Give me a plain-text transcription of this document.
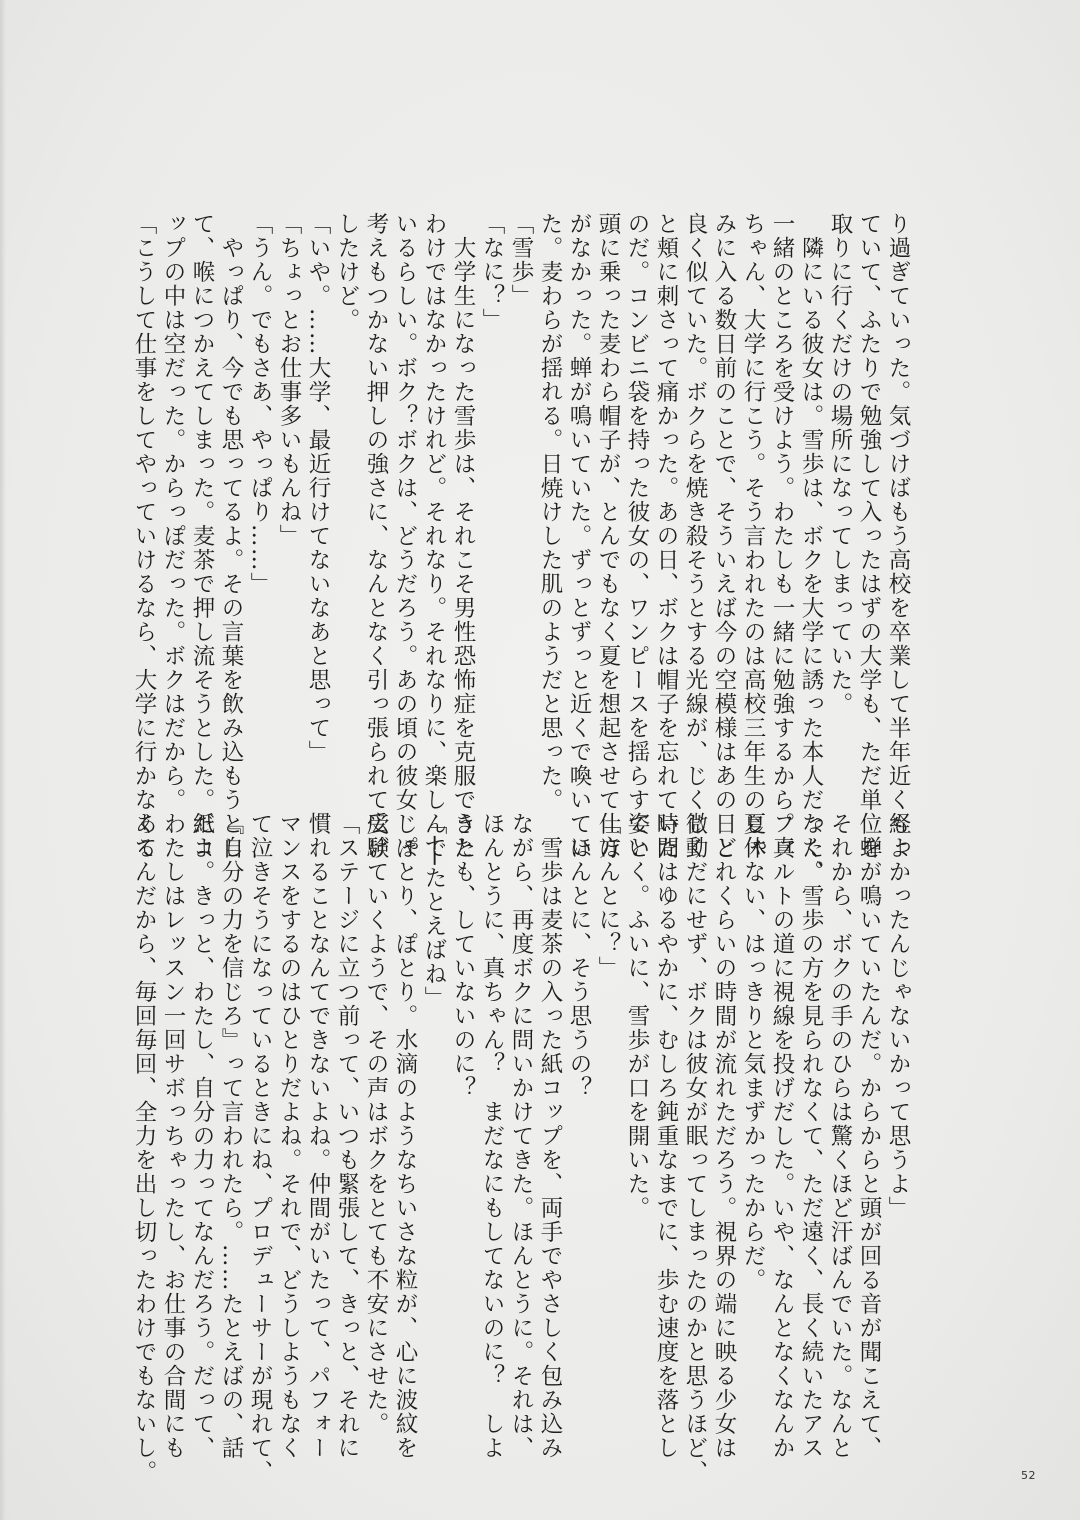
り過ぎていった。気づけばもう高校を卒業して半年近く経っ

ていて、ふたりで勉強して入ったはずの大学も、ただ単位を

取りに行くだけの場所になってしまっていた。

　隣にいる彼女は。雪歩は、ボクを大学に誘った本人だった。

一緒のところを受けよう。わたしも一緒に勉強するから。真

ちゃん、大学に行こう。そう言われたのは高校三年生の夏休

みに入る数日前のことで、そういえば今の空模様はあの日と

良く似ていた。ボクらを焼き殺そうとする光線が、じくじく

と頬に刺さって痛かった。あの日、ボクは帽子を忘れていた

のだ。コンビニ袋を持った彼女の、ワンピースを揺らす姿と

頭に乗った麦わら帽子が、とんでもなく夏を想起させて仕方

がなかった。蝉が鳴いていた。ずっとずっと近くで喚いてい

た。麦わらが揺れる。日焼けした肌のようだと思った。

「雪歩」

「なに？」

　大学生になった雪歩は、それこそ男性恐怖症を克服できた

わけではなかったけれど。それなり。それなりに、楽しんで

いるらしい。ボク？ボクは、どうだろう。あの頃の彼女じゃ

考えもつかない押しの強さに、なんとなく引っ張られて受験

したけど。

「いや。……大学、最近行けてないなあと思って」

「ちょっとお仕事多いもんね」

「うん。でもさあ、やっぱり……」

　やっぱり、今でも思ってるよ。その言葉を飲み込もうとし

て、喉につかえてしまった。麦茶で押し流そうとした。紙コ

ップの中は空だった。からっぽだった。ボクはだから。

「こうして仕事をしてやっていけるなら、大学に行かなくて

もよかったんじゃないかって思うよ」

　蝉が鳴いていたんだ。からからと頭が回る音が聞こえて、

それから、ボクの手のひらは驚くほど汗ばんでいた。なんと

なく、雪歩の方を見られなくて、ただ遠く、長く続いたアス

ファルトの道に視線を投げだした。いや、なんとなくなんか

じゃない、はっきりと気まずかったからだ。

　どれくらいの時間が流れただろう。視界の端に映る少女は

微動だにせず、ボクは彼女が眠ってしまったのかと思うほど、

時間はゆるやかに、むしろ鈍重なまでに、歩む速度を落とし

ていく。ふいに、雪歩が口を開いた。

「ほんとに？」

　ほんとに、そう思うの？

　雪歩は麦茶の入った紙コップを、両手でやさしく包み込み

ながら、再度ボクに問いかけてきた。ほんとうに。それは、

ほんとうに、真ちゃん？　まだなにもしてないのに？　しよ

うとも、していないのに？

「──たとえばね」

　ぽとり、ぽとり。水滴のようなちいさな粒が、心に波紋を

広げていくようで、その声はボクをとても不安にさせた。

「ステージに立つ前って、いつも緊張して、きっと、それに

慣れることなんてできないよね。仲間がいたって、パフォー

マンスをするのはひとりだよね。それで、どうしようもなく

て泣きそうになっているときにね、プロデューサーが現れて、

『自分の力を信じろ』って言われたら。……たとえばの、話

だよ。きっと、わたし、自分の力ってなんだろう。だって、

わたしはレッスン一回サボっちゃったし、お仕事の合間にも

あるんだから、毎回毎回、全力を出し切ったわけでもないし。	52
